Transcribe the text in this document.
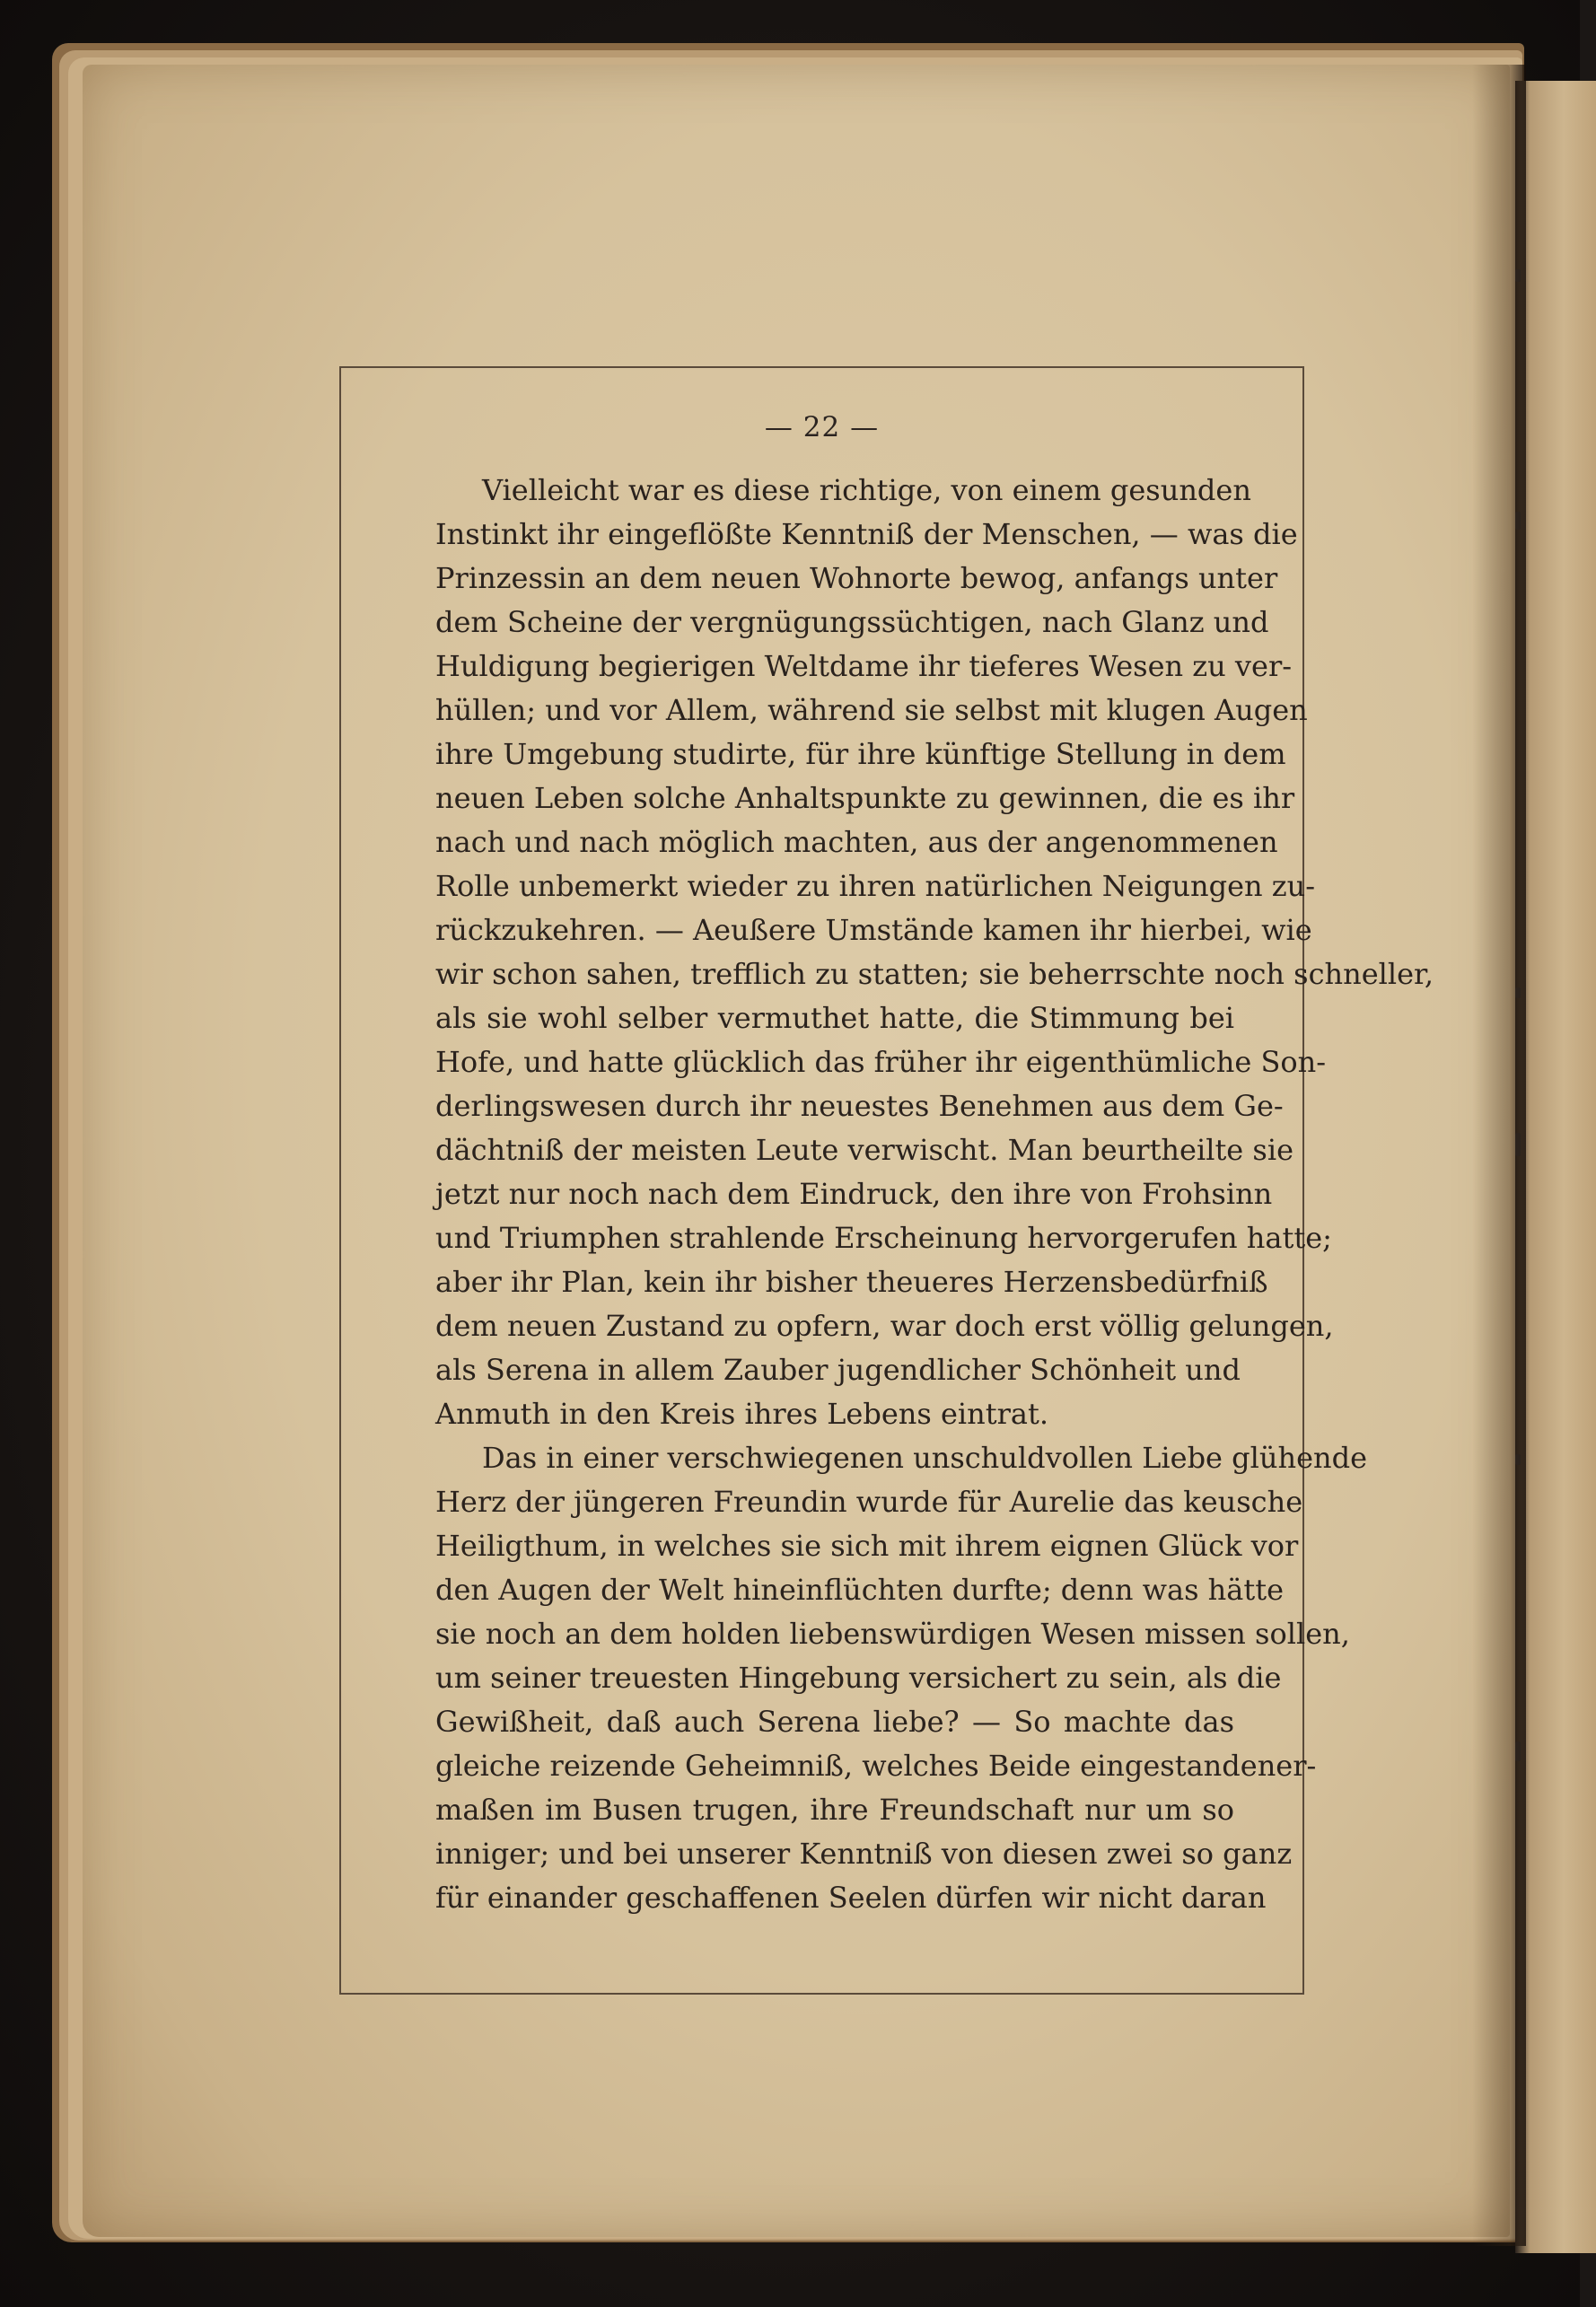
— 22 —
Vielleicht war es diese richtige, von einem gesunden
Instinkt ihr eingeflößte Kenntniß der Menschen, — was die
Prinzessin an dem neuen Wohnorte bewog, anfangs unter
dem Scheine der vergnügungssüchtigen, nach Glanz und
Huldigung begierigen Weltdame ihr tieferes Wesen zu ver-
hüllen; und vor Allem, während sie selbst mit klugen Augen
ihre Umgebung studirte, für ihre künftige Stellung in dem
neuen Leben solche Anhaltspunkte zu gewinnen, die es ihr
nach und nach möglich machten, aus der angenommenen
Rolle unbemerkt wieder zu ihren natürlichen Neigungen zu-
rückzukehren. — Aeußere Umstände kamen ihr hierbei, wie
wir schon sahen, trefflich zu statten; sie beherrschte noch schneller,
als sie wohl selber vermuthet hatte, die Stimmung bei
Hofe, und hatte glücklich das früher ihr eigenthümliche Son-
derlingswesen durch ihr neuestes Benehmen aus dem Ge-
dächtniß der meisten Leute verwischt. Man beurtheilte sie
jetzt nur noch nach dem Eindruck, den ihre von Frohsinn
und Triumphen strahlende Erscheinung hervorgerufen hatte;
aber ihr Plan, kein ihr bisher theueres Herzensbedürfniß
dem neuen Zustand zu opfern, war doch erst völlig gelungen,
als Serena in allem Zauber jugendlicher Schönheit und
Anmuth in den Kreis ihres Lebens eintrat.
Das in einer verschwiegenen unschuldvollen Liebe glühende
Herz der jüngeren Freundin wurde für Aurelie das keusche
Heiligthum, in welches sie sich mit ihrem eignen Glück vor
den Augen der Welt hineinflüchten durfte; denn was hätte
sie noch an dem holden liebenswürdigen Wesen missen sollen,
um seiner treuesten Hingebung versichert zu sein, als die
Gewißheit, daß auch Serena liebe? — So machte das
gleiche reizende Geheimniß, welches Beide eingestandener-
maßen im Busen trugen, ihre Freundschaft nur um so
inniger; und bei unserer Kenntniß von diesen zwei so ganz
für einander geschaffenen Seelen dürfen wir nicht daran
